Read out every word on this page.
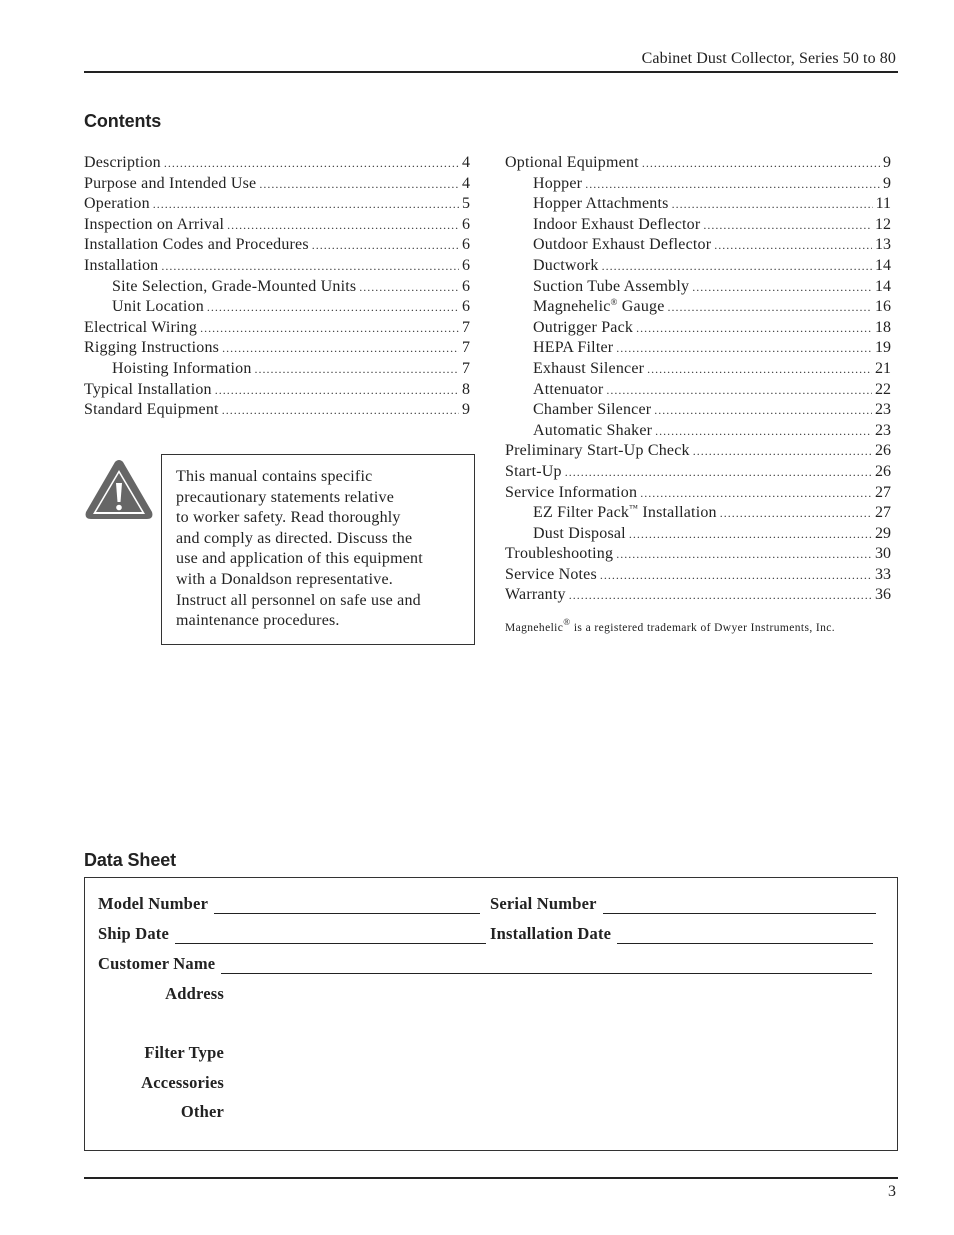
Cabinet Dust Collector, Series 50 to 80
Contents
Description .....	4
Purpose and Intended Use .....	4
Operation .....	5
Inspection on Arrival .....	6
Installation Codes and Procedures .....	6
Installation .....	6
Site Selection, Grade-Mounted Units .....	6
Unit Location .....	6
Electrical Wiring .....	7
Rigging Instructions .....	7
Hoisting Information .....	7
Typical Installation .....	8
Standard Equipment .....	9
Optional Equipment .....	9
Hopper .....	9
Hopper Attachments .....	11
Indoor Exhaust Deflector .....	12
Outdoor Exhaust Deflector .....	13
Ductwork .....	14
Suction Tube Assembly .....	14
Magnehelic® Gauge .....	16
Outrigger Pack .....	18
HEPA Filter .....	19
Exhaust Silencer .....	21
Attenuator .....	22
Chamber Silencer .....	23
Automatic Shaker .....	23
Preliminary Start-Up Check .....	26
Start-Up .....	26
Service Information .....	27
EZ Filter Pack™ Installation .....	27
Dust Disposal .....	29
Troubleshooting .....	30
Service Notes .....	33
Warranty .....	36
Magnehelic® is a registered trademark of Dwyer Instruments, Inc.
This manual contains specific
precautionary statements relative
to worker safety. Read thoroughly
and comply as directed. Discuss the
use and application of this equipment
with a Donaldson representative.
Instruct all personnel on safe use and
maintenance procedures.
Data Sheet
Model Number	Serial Number
Ship Date	Installation Date
Customer Name
Address
Filter Type
Accessories
Other
3
